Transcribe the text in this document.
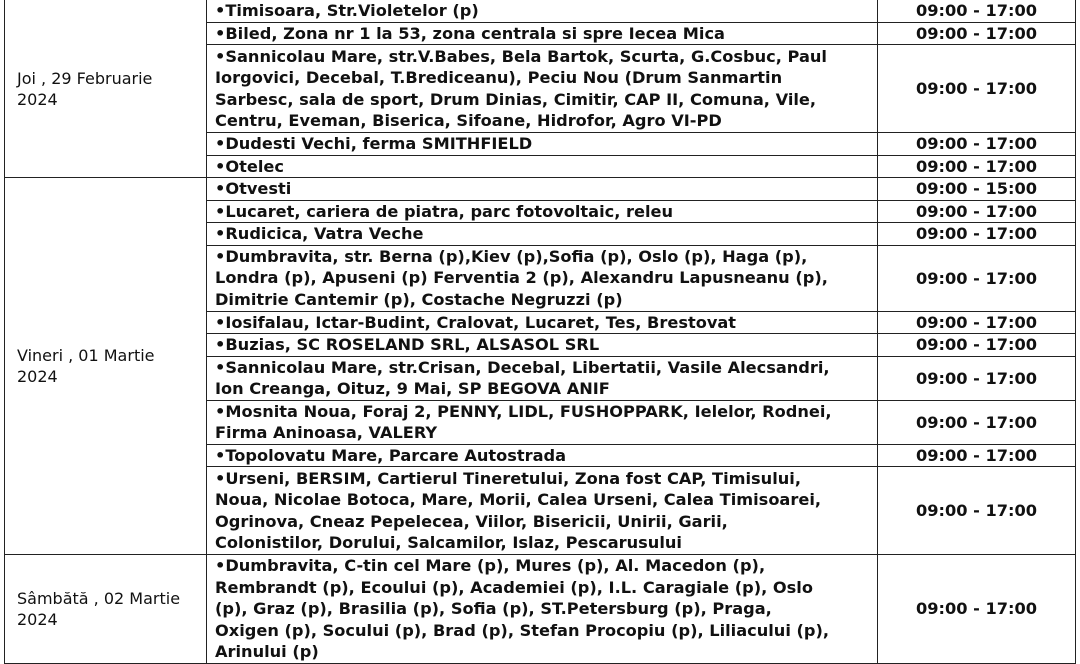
Joi , 29 Februarie
2024	•Timisoara, Str.Violetelor (p)	09:00 - 17:00

	•Biled, Zona nr 1 la 53, zona centrala si spre Iecea Mica	09:00 - 17:00

	•Sannicolau Mare, str.V.Babes, Bela Bartok, Scurta, G.Cosbuc, Paul
Iorgovici, Decebal, T.Brediceanu), Peciu Nou (Drum Sanmartin
Sarbesc, sala de sport, Drum Dinias, Cimitir, CAP II, Comuna, Vile,
Centru, Eveman, Biserica, Sifoane, Hidrofor, Agro VI-PD	09:00 - 17:00

	•Dudesti Vechi, ferma SMITHFIELD	09:00 - 17:00

	•Otelec	09:00 - 17:00

Vineri , 01 Martie
2024	•Otvesti	09:00 - 15:00

	•Lucaret, cariera de piatra, parc fotovoltaic, releu	09:00 - 17:00

	•Rudicica, Vatra Veche	09:00 - 17:00

	•Dumbravita, str. Berna (p),Kiev (p),Sofia (p), Oslo (p), Haga (p),
Londra (p), Apuseni (p) Ferventia 2 (p), Alexandru Lapusneanu (p),
Dimitrie Cantemir (p), Costache Negruzzi (p)	09:00 - 17:00

	•Iosifalau, Ictar-Budint, Cralovat, Lucaret, Tes, Brestovat	09:00 - 17:00

	•Buzias, SC ROSELAND SRL, ALSASOL SRL	09:00 - 17:00

	•Sannicolau Mare, str.Crisan, Decebal, Libertatii, Vasile Alecsandri,
Ion Creanga, Oituz, 9 Mai, SP BEGOVA ANIF	09:00 - 17:00

	•Mosnita Noua, Foraj 2, PENNY, LIDL, FUSHOPPARK, Ielelor, Rodnei,
Firma Aninoasa, VALERY	09:00 - 17:00

	•Topolovatu Mare, Parcare Autostrada	09:00 - 17:00

	•Urseni, BERSIM, Cartierul Tineretului, Zona fost CAP, Timisului,
Noua, Nicolae Botoca, Mare, Morii, Calea Urseni, Calea Timisoarei,
Ogrinova, Cneaz Pepelecea, Viilor, Bisericii, Unirii, Garii,
Colonistilor, Dorului, Salcamilor, Islaz, Pescarusului	09:00 - 17:00

Sâmbătă , 02 Martie
2024	•Dumbravita, C-tin cel Mare (p), Mures (p), Al. Macedon (p),
Rembrandt (p), Ecoului (p), Academiei (p), I.L. Caragiale (p), Oslo
(p), Graz (p), Brasilia (p), Sofia (p), ST.Petersburg (p), Praga,
Oxigen (p), Socului (p), Brad (p), Stefan Procopiu (p), Liliacului (p),
Arinului (p)	09:00 - 17:00
